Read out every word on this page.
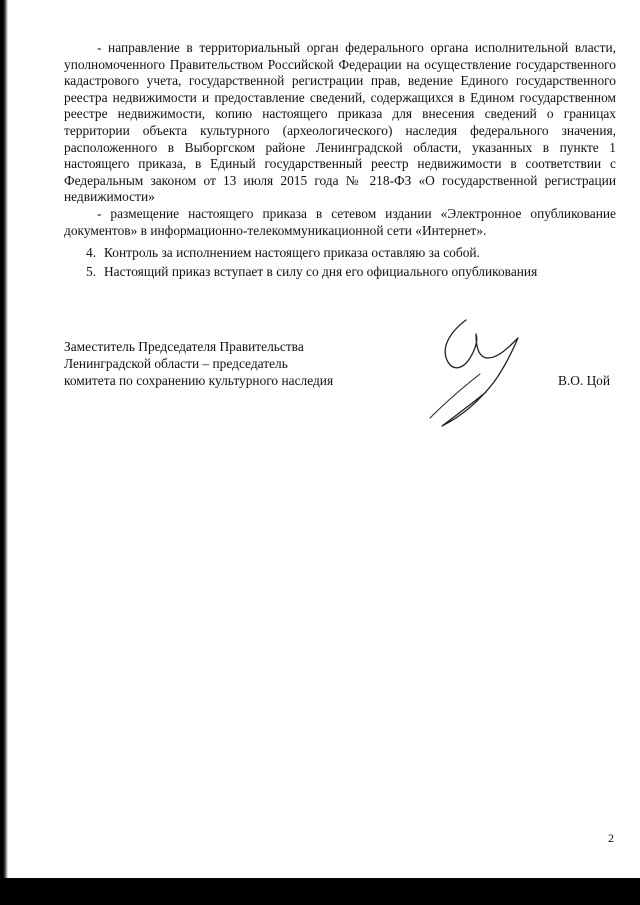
- направление в территориальный орган федерального органа исполнительной власти, уполномоченного Правительством Российской Федерации на осуществление государственного кадастрового учета, государственной регистрации прав, ведение Единого государственного реестра недвижимости и предоставление сведений, содержащихся в Едином государственном реестре недвижимости, копию настоящего приказа для внесения сведений о границах территории объекта культурного (археологического) наследия федерального значения, расположенного в Выборгском районе Ленинградской области, указанных в пункте 1 настоящего приказа, в Единый государственный реестр недвижимости в соответствии с Федеральным законом от 13 июля 2015 года № 218-ФЗ «О государственной регистрации недвижимости»

- размещение настоящего приказа в сетевом издании «Электронное опубликование документов» в информационно-телекоммуникационной сети «Интернет».

4. Контроль за исполнением настоящего приказа оставляю за собой.
5. Настоящий приказ вступает в силу со дня его официального опубликования
Заместитель Председателя Правительства
Ленинградской области – председатель
комитета по сохранению культурного наследия	В.О. Цой
2
